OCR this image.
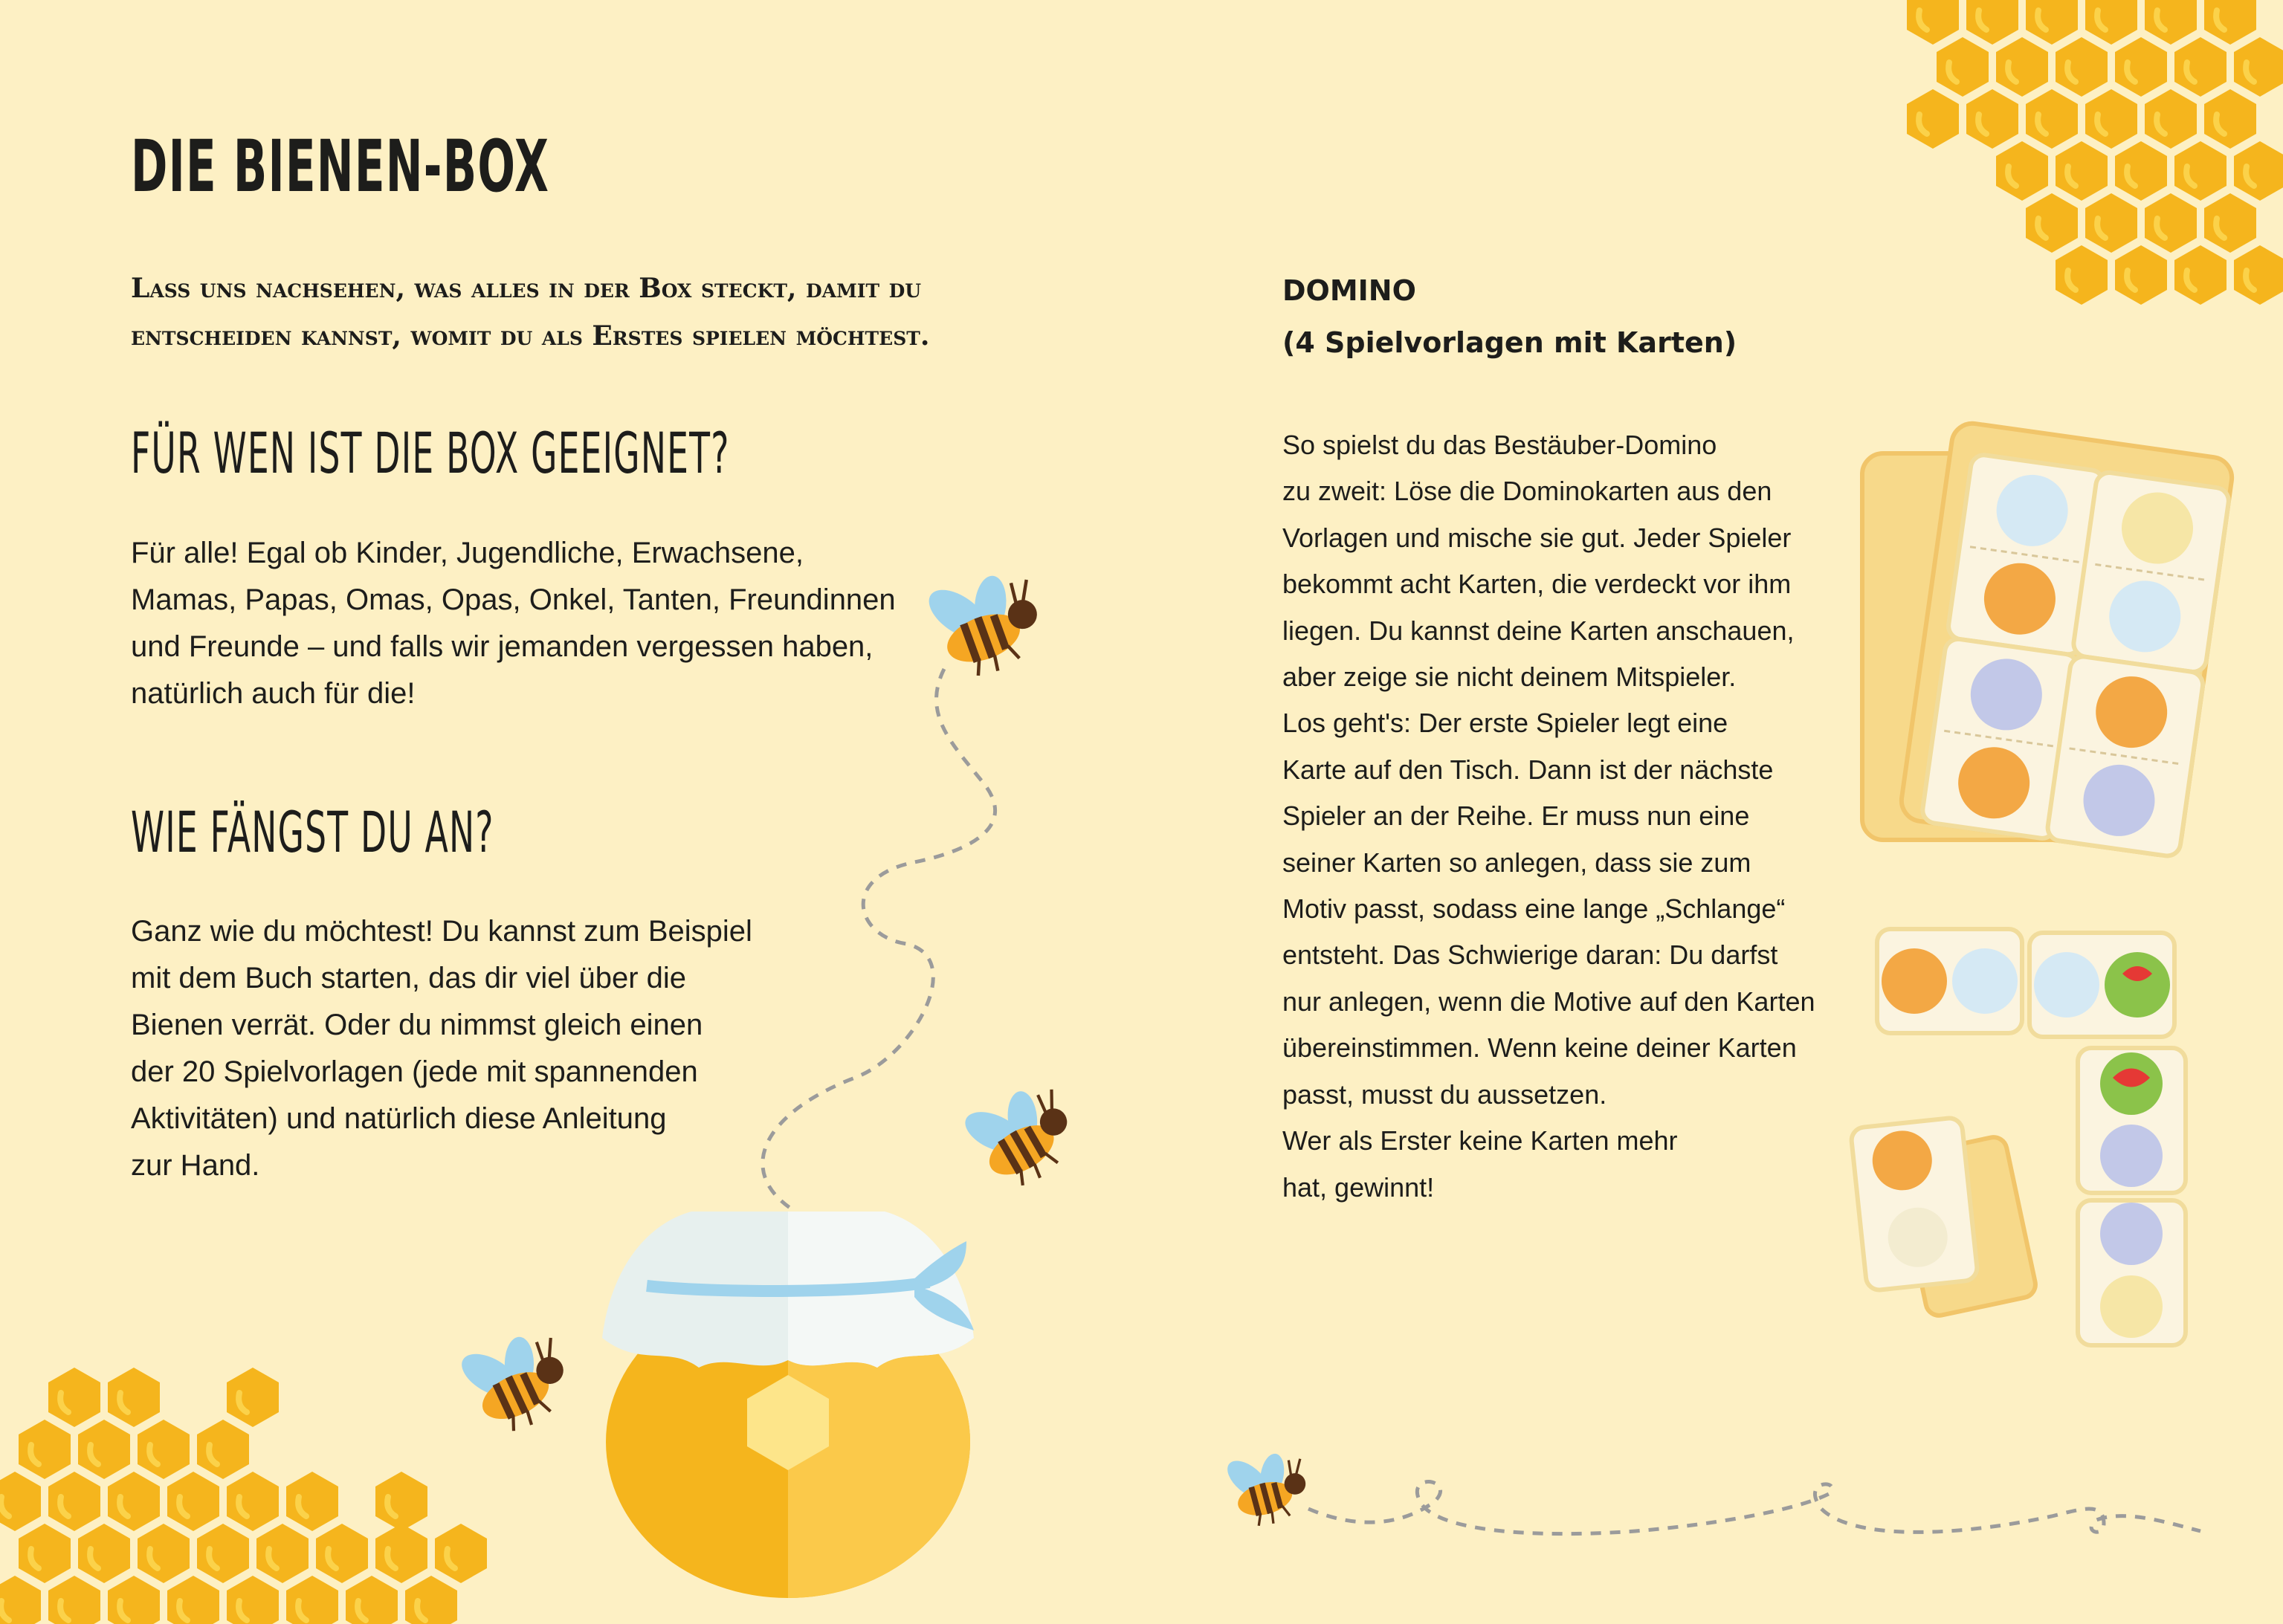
DIE BIENEN-BOX

Lass uns nachsehen, was alles in der Box steckt, damit du entscheiden kannst, womit du als Erstes spielen möchtest.

FÜR WEN IST DIE BOX GEEIGNET?

Für alle! Egal ob Kinder, Jugendliche, Erwachsene,
Mamas, Papas, Omas, Opas, Onkel, Tanten, Freundinnen
und Freunde – und falls wir jemanden vergessen haben,
natürlich auch für die!

WIE FÄNGST DU AN?

Ganz wie du möchtest! Du kannst zum Beispiel
mit dem Buch starten, das dir viel über die
Bienen verrät. Oder du nimmst gleich einen
der 20 Spielvorlagen (jede mit spannenden
Aktivitäten) und natürlich diese Anleitung
zur Hand.

DOMINO
(4 Spielvorlagen mit Karten)

So spielst du das Bestäuber-Domino
zu zweit: Löse die Dominokarten aus den
Vorlagen und mische sie gut. Jeder Spieler
bekommt acht Karten, die verdeckt vor ihm
liegen. Du kannst deine Karten anschauen,
aber zeige sie nicht deinem Mitspieler.
Los geht's: Der erste Spieler legt eine
Karte auf den Tisch. Dann ist der nächste
Spieler an der Reihe. Er muss nun eine
seiner Karten so anlegen, dass sie zum
Motiv passt, sodass eine lange „Schlange“
entsteht. Das Schwierige daran: Du darfst
nur anlegen, wenn die Motive auf den Karten
übereinstimmen. Wenn keine deiner Karten
passt, musst du aussetzen.
Wer als Erster keine Karten mehr
hat, gewinnt!
